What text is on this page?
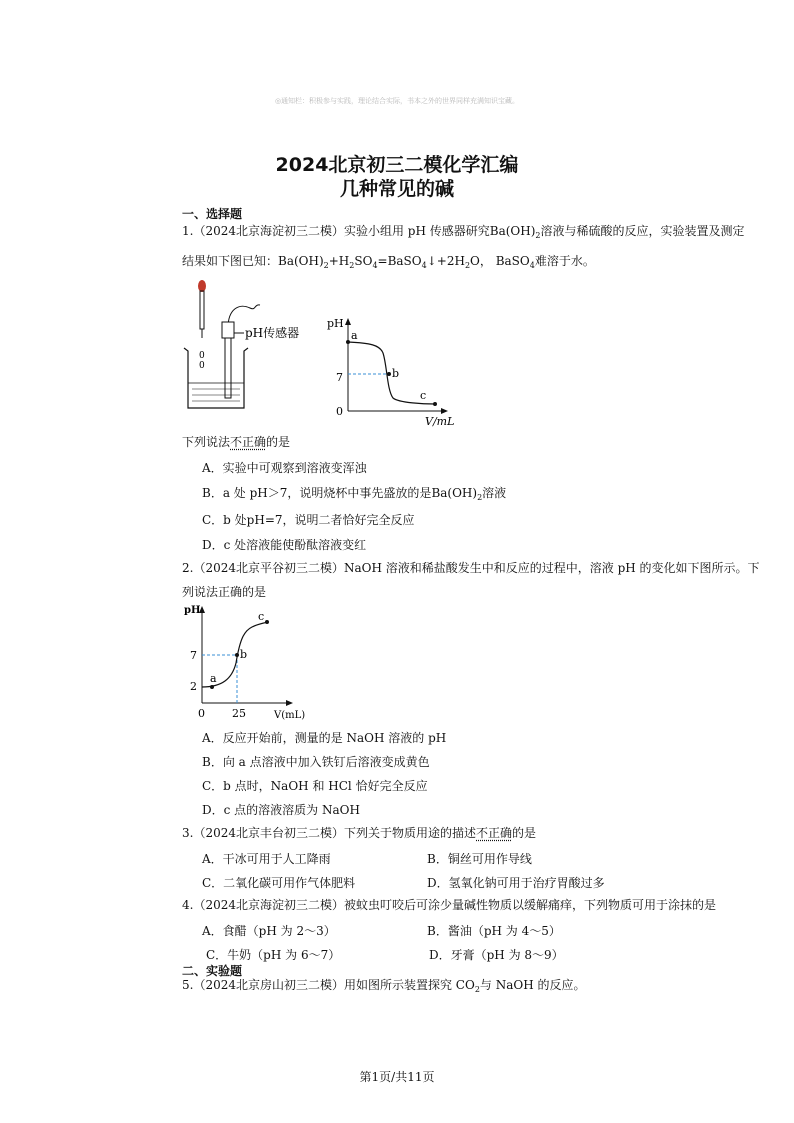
◎通知栏：积极参与实践，理论结合实际，书本之外的世界同样充满知识宝藏。
2024北京初三二模化学汇编
几种常见的碱
一、选择题
1.（2024北京海淀初三二模）实验小组用 pH 传感器研究$Ba(OH)_2$溶液与稀硫酸的反应，实验装置及测定
结果如下图已知：$Ba(OH)_2+H_2SO_4=BaSO_4↓+2H_2O$， BaSO$_4$难溶于水。
pH传感器
0
0
pH
V/mL
7
0
a
b
c
下列说法不正确的是
A．实验中可观察到溶液变浑浊
B．a 处 pH＞7，说明烧杯中事先盛放的是$Ba(OH)_2$溶液
C．b 处pH=7，说明二者恰好完全反应
D．c 处溶液能使酚酞溶液变红
2.（2024北京平谷初三二模）NaOH 溶液和稀盐酸发生中和反应的过程中，溶液 pH 的变化如下图所示。下
列说法正确的是
pH
V(mL)
7
2
0 25
a
b
c
A．反应开始前，测量的是 NaOH 溶液的 pH
B．向 a 点溶液中加入铁钉后溶液变成黄色
C．b 点时，NaOH 和 HCl 恰好完全反应
D．c 点的溶液溶质为 NaOH
3.（2024北京丰台初三二模）下列关于物质用途的描述不正确的是
A．干冰可用于人工降雨	B．铜丝可用作导线
C．二氧化碳可用作气体肥料	D．氢氧化钠可用于治疗胃酸过多
4.（2024北京海淀初三二模）被蚊虫叮咬后可涂少量碱性物质以缓解痛痒，下列物质可用于涂抹的是
A．食醋（pH 为 2～3）	B．酱油（pH 为 4～5）
C．牛奶（pH 为 6～7）	D．牙膏（pH 为 8～9）
二、实验题
5.（2024北京房山初三二模）用如图所示装置探究 $CO_2$与 NaOH 的反应。
第1页/共11页
